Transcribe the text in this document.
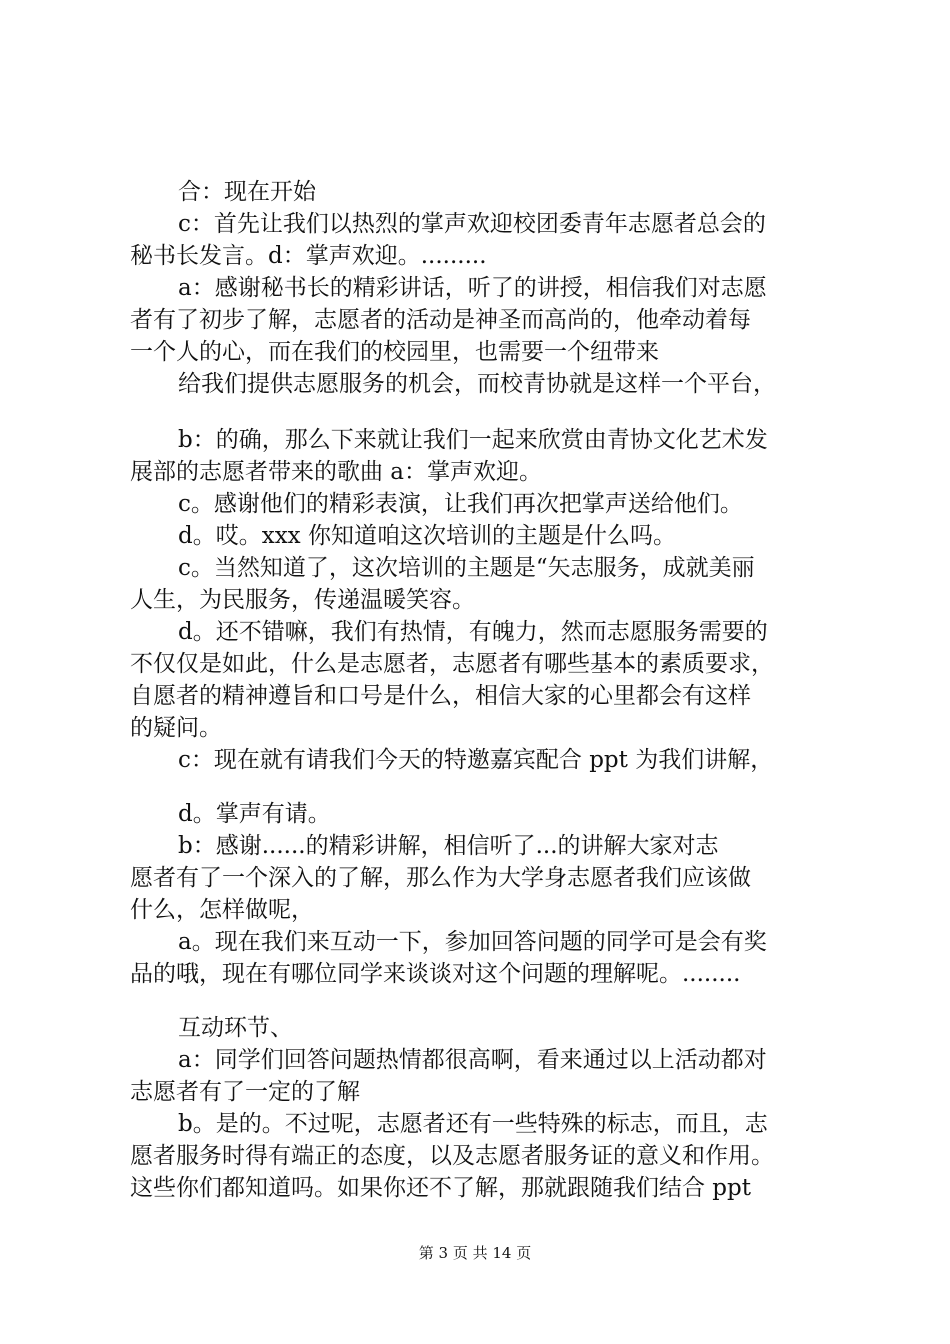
合：现在开始
c：首先让我们以热烈的掌声欢迎校团委青年志愿者总会的
秘书长发言。d：掌声欢迎。.........
a：感谢秘书长的精彩讲话，听了的讲授，相信我们对志愿
者有了初步了解，志愿者的活动是神圣而高尚的，他牵动着每
一个人的心，而在我们的校园里，也需要一个纽带来
给我们提供志愿服务的机会，而校青协就是这样一个平台，
b：的确，那么下来就让我们一起来欣赏由青协文化艺术发
展部的志愿者带来的歌曲 a：掌声欢迎。
c。感谢他们的精彩表演，让我们再次把掌声送给他们。
d。哎。xxx 你知道咱这次培训的主题是什么吗。
c。当然知道了，这次培训的主题是“矢志服务，成就美丽
人生，为民服务，传递温暖笑容。
d。还不错嘛，我们有热情，有魄力，然而志愿服务需要的
不仅仅是如此，什么是志愿者，志愿者有哪些基本的素质要求，
自愿者的精神遵旨和口号是什么，相信大家的心里都会有这样
的疑问。
c：现在就有请我们今天的特邀嘉宾配合 ppt 为我们讲解，
d。掌声有请。
b：感谢......的精彩讲解，相信听了...的讲解大家对志
愿者有了一个深入的了解，那么作为大学身志愿者我们应该做
什么，怎样做呢，
a。现在我们来互动一下，参加回答问题的同学可是会有奖
品的哦，现在有哪位同学来谈谈对这个问题的理解呢。........
互动环节、
a：同学们回答问题热情都很高啊，看来通过以上活动都对
志愿者有了一定的了解
b。是的。不过呢，志愿者还有一些特殊的标志，而且，志
愿者服务时得有端正的态度，以及志愿者服务证的意义和作用。
这些你们都知道吗。如果你还不了解，那就跟随我们结合 ppt
第 3 页 共 14 页
